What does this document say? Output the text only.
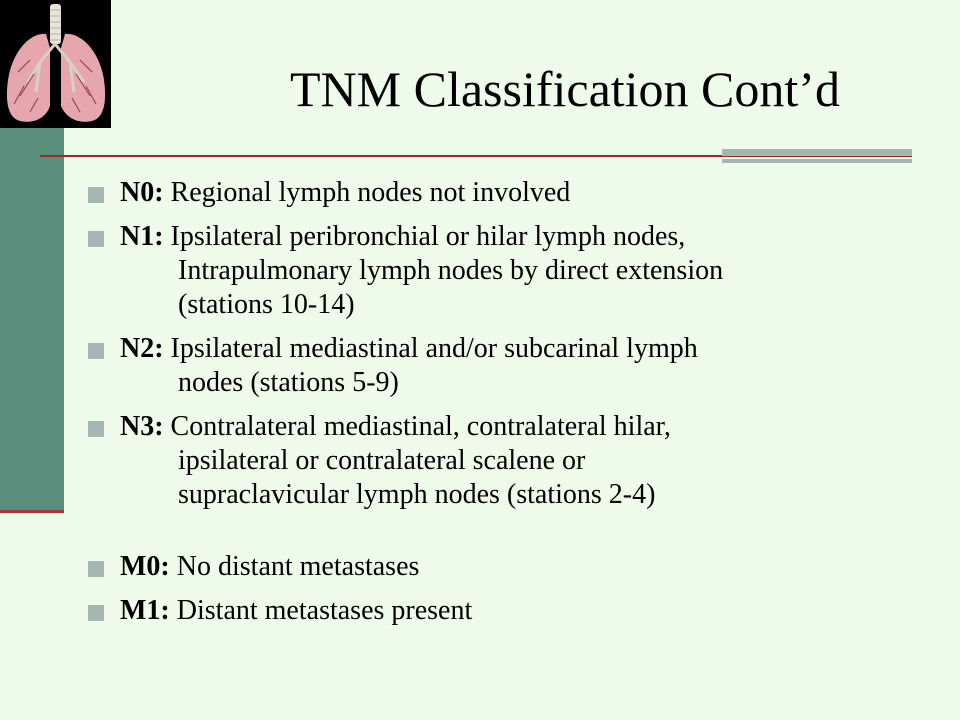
TNM Classification Cont’d
N0: Regional lymph nodes not involved
N1: Ipsilateral peribronchial or hilar lymph nodes,
Intrapulmonary lymph nodes by direct extension
(stations 10-14)
N2: Ipsilateral mediastinal and/or subcarinal lymph
nodes (stations 5-9)
N3: Contralateral mediastinal, contralateral hilar,
ipsilateral or contralateral scalene or
supraclavicular lymph nodes (stations 2-4)
M0: No distant metastases
M1: Distant metastases present
